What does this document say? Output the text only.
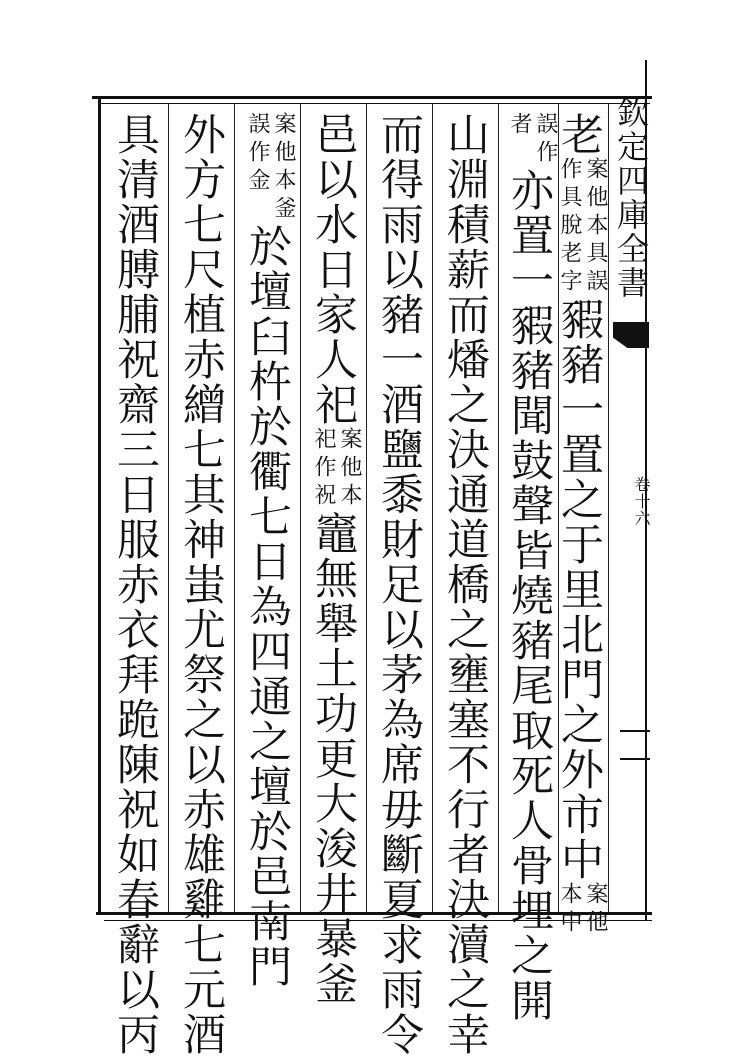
欽定四庫全書
卷十六
老案他本具誤
作具脫老字豭豬一置之于里北門之外市中案他
本中
誤作
者亦置一豭豬聞鼓聲皆燒豬尾取死人骨埋之開
山淵積薪而燔之決通道橋之壅塞不行者決瀆之幸
而得雨以豬一酒鹽黍財足以茅為席毋斷夏求雨令
邑以水日家人祀案他本
祀作祝竈無舉土功更大浚井暴釜
案他本釜
誤作金於壇臼杵於衢七日為四通之壇於邑南門
外方七尺植赤繒七其神蚩尤祭之以赤雄雞七元酒
具清酒膊脯祝齋三日服赤衣拜跪陳祝如春辭以丙
